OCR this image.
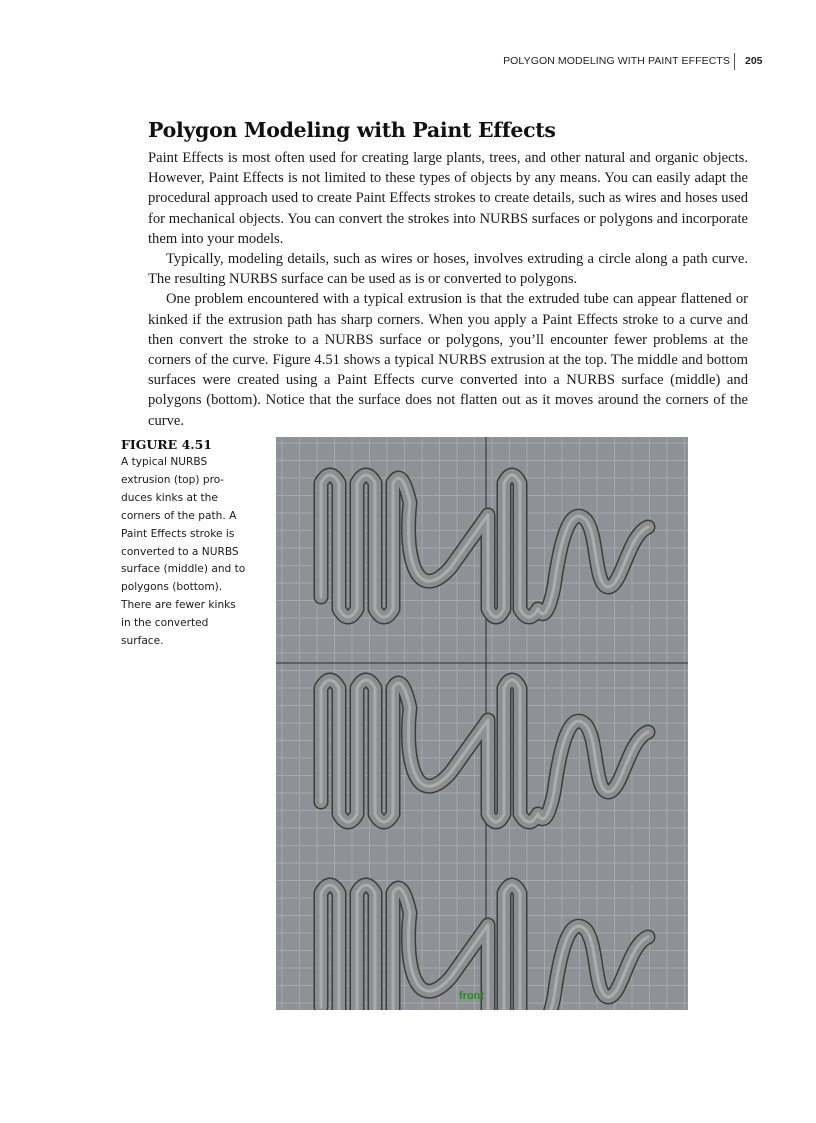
POLYGON MODELING WITH PAINT EFFECTS 205
Polygon Modeling with Paint Effects

Paint Effects is most often used for creating large plants, trees, and other natural and organic objects. However, Paint Effects is not limited to these types of objects by any means. You can easily adapt the procedural approach used to create Paint Effects strokes to create details, such as wires and hoses used for mechanical objects. You can convert the strokes into NURBS surfaces or polygons and incorporate them into your models.

Typically, modeling details, such as wires or hoses, involves extruding a circle along a path curve. The resulting NURBS surface can be used as is or converted to polygons.

One problem encountered with a typical extrusion is that the extruded tube can appear flattened or kinked if the extrusion path has sharp corners. When you apply a Paint Effects stroke to a curve and then convert the stroke to a NURBS surface or polygons, you’ll encounter fewer problems at the corners of the curve. Figure 4.51 shows a typical NURBS extrusion at the top. The middle and bottom surfaces were created using a Paint Effects curve converted into a NURBS surface (middle) and polygons (bottom). Notice that the surface does not flatten out as it moves around the corners of the curve.

FIGURE 4.51
A typical NURBS extrusion (top) produces kinks at the corners of the path. A Paint Effects stroke is converted to a NURBS surface (middle) and to polygons (bottom). There are fewer kinks in the converted surface.
front
